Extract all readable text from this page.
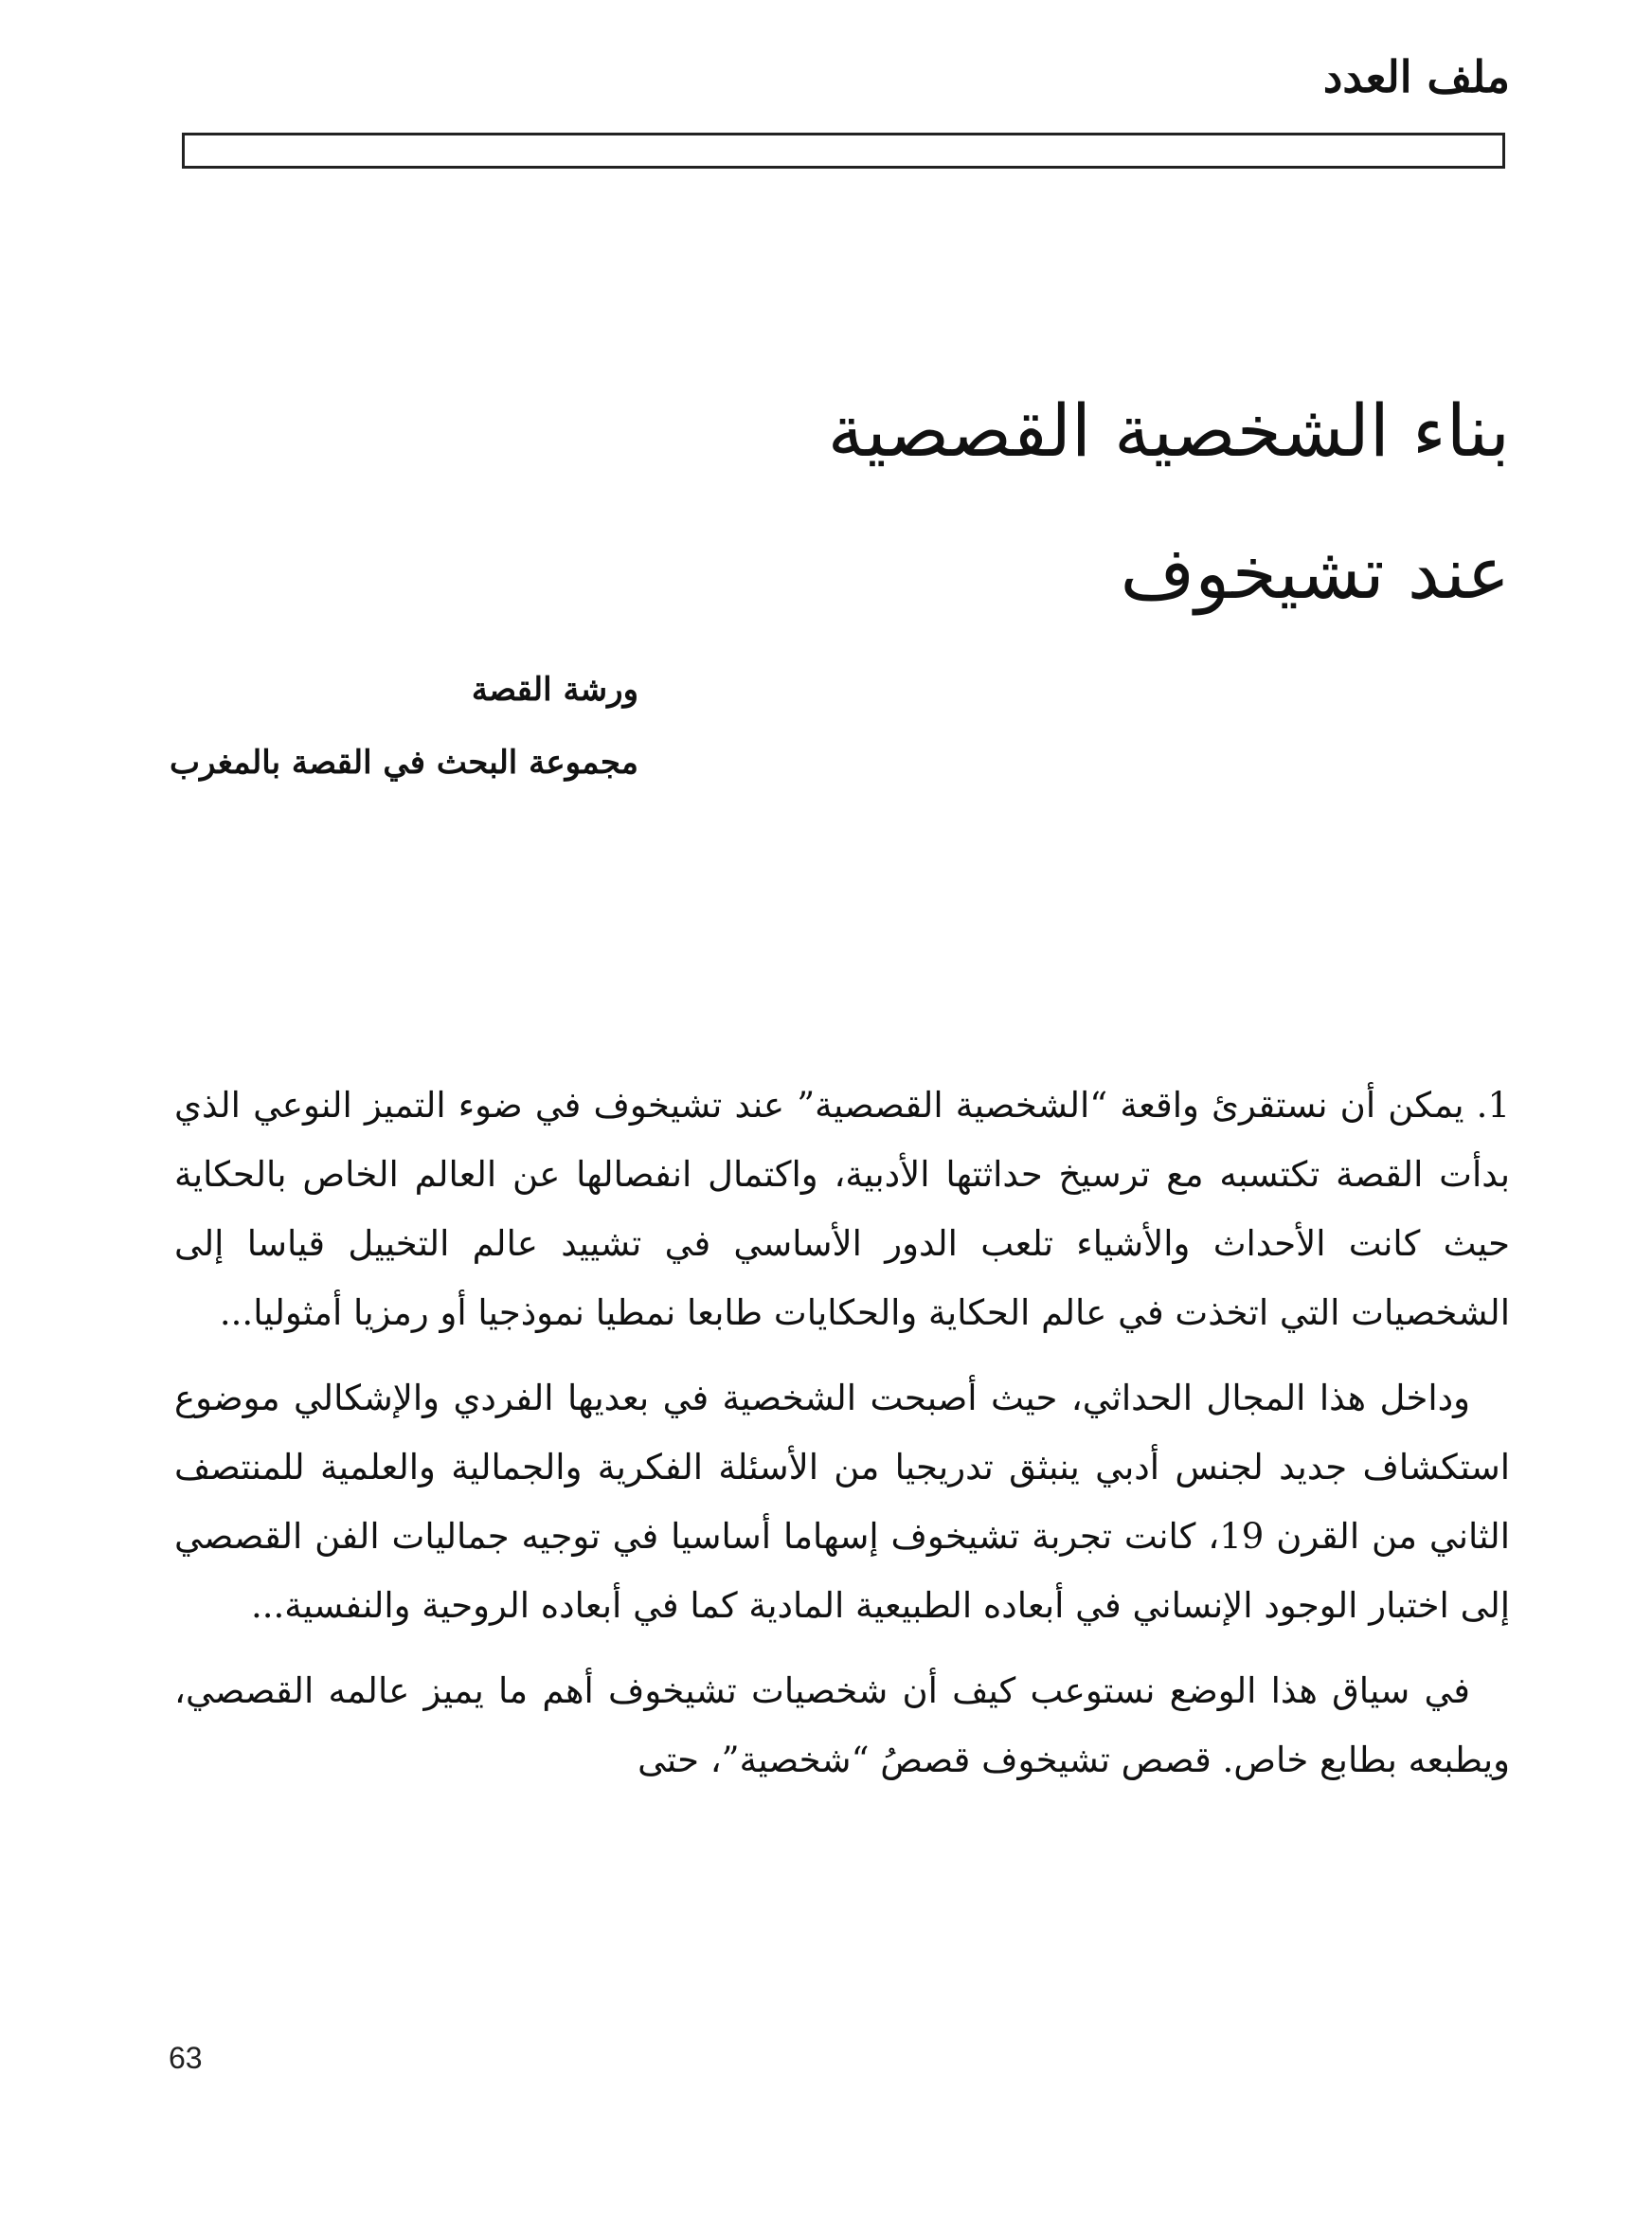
ملف العدد
بناء الشخصية القصصية
عند تشيخوف
ورشة القصة
مجموعة البحث في القصة بالمغرب

1. يمكن أن نستقرئ واقعة “الشخصية القصصية” عند تشيخوف في ضوء التميز النوعي الذي بدأت القصة تكتسبه مع ترسيخ حداثتها الأدبية، واكتمال انفصالها عن العالم الخاص بالحكاية حيث كانت الأحداث والأشياء تلعب الدور الأساسي في تشييد عالم التخييل قياسا إلى الشخصيات التي اتخذت في عالم الحكاية والحكايات طابعا نمطيا نموذجيا أو رمزيا أمثوليا...

وداخل هذا المجال الحداثي، حيث أصبحت الشخصية في بعديها الفردي والإشكالي موضوع استكشاف جديد لجنس أدبي ينبثق تدريجيا من الأسئلة الفكرية والجمالية والعلمية للمنتصف الثاني من القرن 19، كانت تجربة تشيخوف إسهاما أساسيا في توجيه جماليات الفن القصصي إلى اختبار الوجود الإنساني في أبعاده الطبيعية المادية كما في أبعاده الروحية والنفسية...

في سياق هذا الوضع نستوعب كيف أن شخصيات تشيخوف أهم ما يميز عالمه القصصي، ويطبعه بطابع خاص. قصص تشيخوف قصصُ “شخصية”، حتى

63
